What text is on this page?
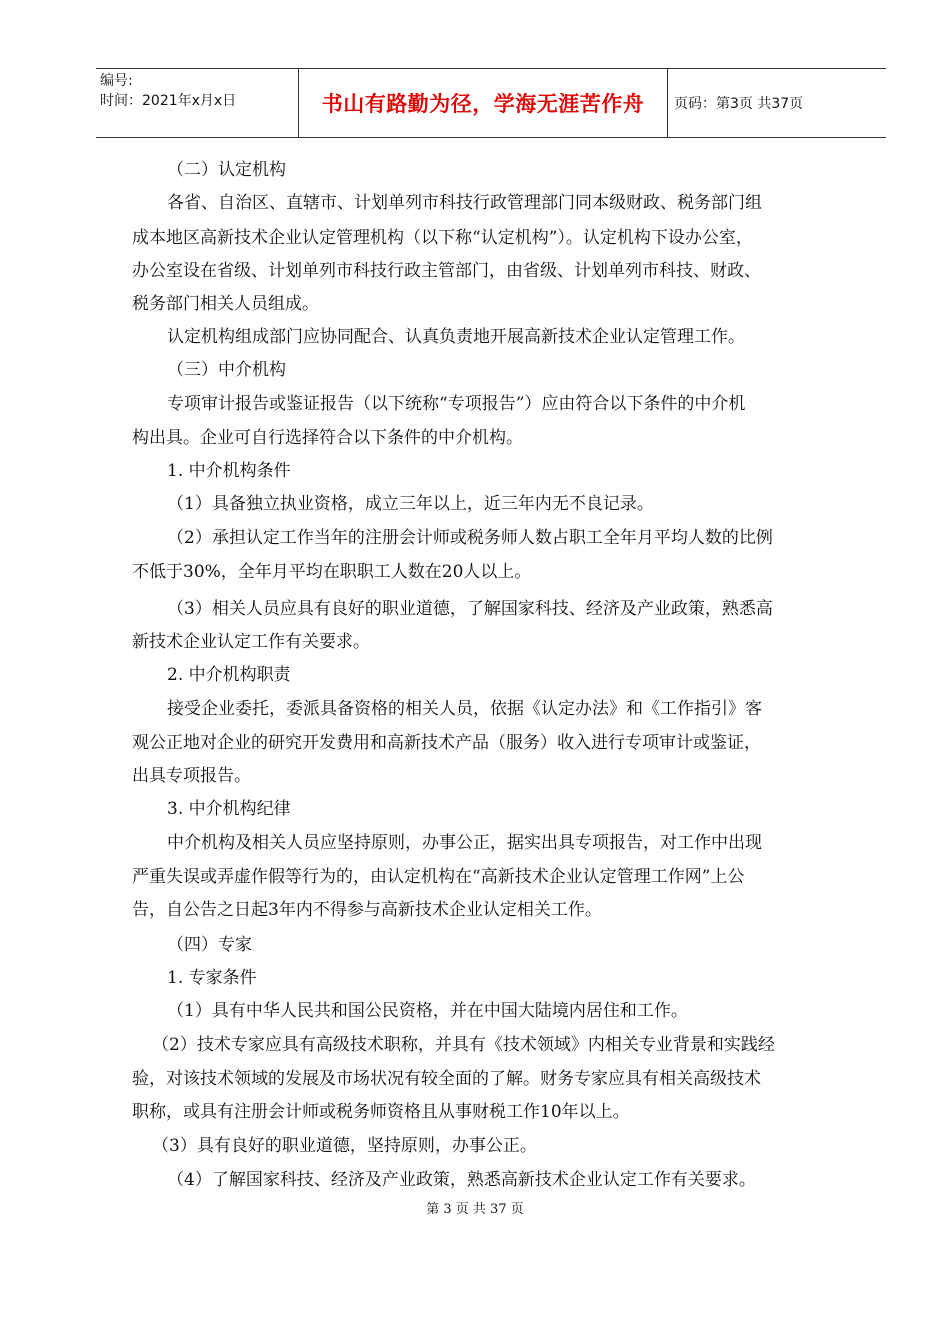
编号:
时间：2021年x月x日	书山有路勤为径，学海无涯苦作舟 页码：第3页 共37页
（二）认定机构
各省、自治区、直辖市、计划单列市科技行政管理部门同本级财政、税务部门组
成本地区高新技术企业认定管理机构（以下称“认定机构”）。认定机构下设办公室，
办公室设在省级、计划单列市科技行政主管部门，由省级、计划单列市科技、财政、
税务部门相关人员组成。
认定机构组成部门应协同配合、认真负责地开展高新技术企业认定管理工作。
（三）中介机构
专项审计报告或鉴证报告（以下统称“专项报告”）应由符合以下条件的中介机
构出具。企业可自行选择符合以下条件的中介机构。
1. 中介机构条件
（1）具备独立执业资格，成立三年以上，近三年内无不良记录。
（2）承担认定工作当年的注册会计师或税务师人数占职工全年月平均人数的比例
不低于30%，全年月平均在职职工人数在20人以上。
（3）相关人员应具有良好的职业道德，了解国家科技、经济及产业政策，熟悉高
新技术企业认定工作有关要求。
2. 中介机构职责
接受企业委托，委派具备资格的相关人员，依据《认定办法》和《工作指引》客
观公正地对企业的研究开发费用和高新技术产品（服务）收入进行专项审计或鉴证，
出具专项报告。
3. 中介机构纪律
中介机构及相关人员应坚持原则，办事公正，据实出具专项报告，对工作中出现
严重失误或弄虚作假等行为的，由认定机构在“高新技术企业认定管理工作网”上公
告，自公告之日起3年内不得参与高新技术企业认定相关工作。
（四）专家
1. 专家条件
（1）具有中华人民共和国公民资格，并在中国大陆境内居住和工作。
（2）技术专家应具有高级技术职称，并具有《技术领域》内相关专业背景和实践经
验，对该技术领域的发展及市场状况有较全面的了解。财务专家应具有相关高级技术
职称，或具有注册会计师或税务师资格且从事财税工作10年以上。
（3）具有良好的职业道德，坚持原则，办事公正。
（4）了解国家科技、经济及产业政策，熟悉高新技术企业认定工作有关要求。
第 3 页 共 37 页
